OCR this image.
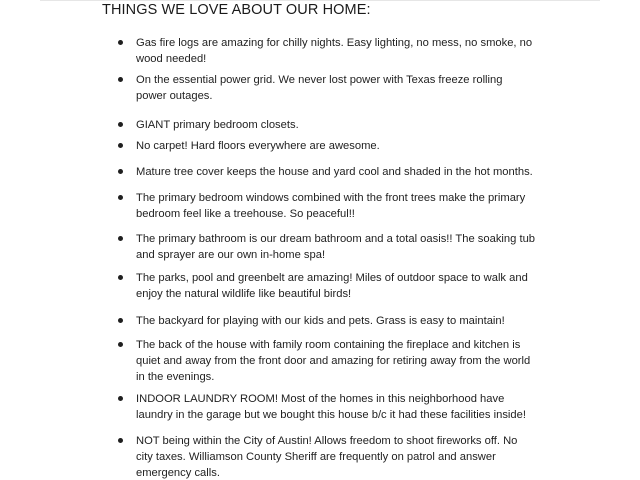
THINGS WE LOVE ABOUT OUR HOME:
Gas fire logs are amazing for chilly nights. Easy lighting, no mess, no smoke, no
wood needed!
On the essential power grid. We never lost power with Texas freeze rolling
power outages.
GIANT primary bedroom closets.
No carpet! Hard floors everywhere are awesome.
Mature tree cover keeps the house and yard cool and shaded in the hot months.
The primary bedroom windows combined with the front trees make the primary
bedroom feel like a treehouse. So peaceful!!
The primary bathroom is our dream bathroom and a total oasis!! The soaking tub
and sprayer are our own in-home spa!
The parks, pool and greenbelt are amazing! Miles of outdoor space to walk and
enjoy the natural wildlife like beautiful birds!
The backyard for playing with our kids and pets. Grass is easy to maintain!
The back of the house with family room containing the fireplace and kitchen is
quiet and away from the front door and amazing for retiring away from the world
in the evenings.
INDOOR LAUNDRY ROOM! Most of the homes in this neighborhood have
laundry in the garage but we bought this house b/c it had these facilities inside!
NOT being within the City of Austin! Allows freedom to shoot fireworks off. No
city taxes. Williamson County Sheriff are frequently on patrol and answer
emergency calls.
